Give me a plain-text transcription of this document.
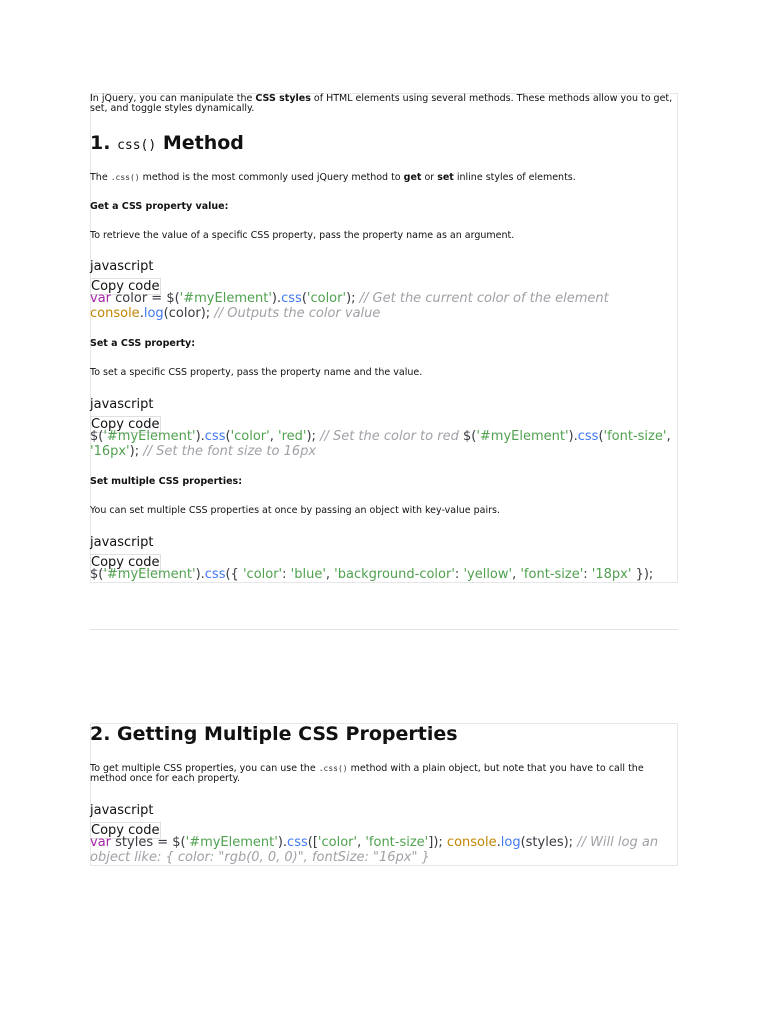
In jQuery, you can manipulate the CSS styles of HTML elements using several methods. These methods allow you to get, set, and toggle styles dynamically.

1. css() Method

The .css() method is the most commonly used jQuery method to get or set inline styles of elements.

Get a CSS property value:

To retrieve the value of a specific CSS property, pass the property name as an argument.

javascript
Copy code
var color = $('#myElement').css('color'); // Get the current color of the element
console.log(color); // Outputs the color value

Set a CSS property:

To set a specific CSS property, pass the property name and the value.

javascript
Copy code
$('#myElement').css('color', 'red'); // Set the color to red $('#myElement').css('font-size', '16px'); // Set the font size to 16px

Set multiple CSS properties:

You can set multiple CSS properties at once by passing an object with key-value pairs.

javascript
Copy code
$('#myElement').css({ 'color': 'blue', 'background-color': 'yellow', 'font-size': '18px' });
2. Getting Multiple CSS Properties

To get multiple CSS properties, you can use the .css() method with a plain object, but note that you have to call the method once for each property.

javascript
Copy code
var styles = $('#myElement').css(['color', 'font-size']); console.log(styles); // Will log an object like: { color: "rgb(0, 0, 0)", fontSize: "16px" }
